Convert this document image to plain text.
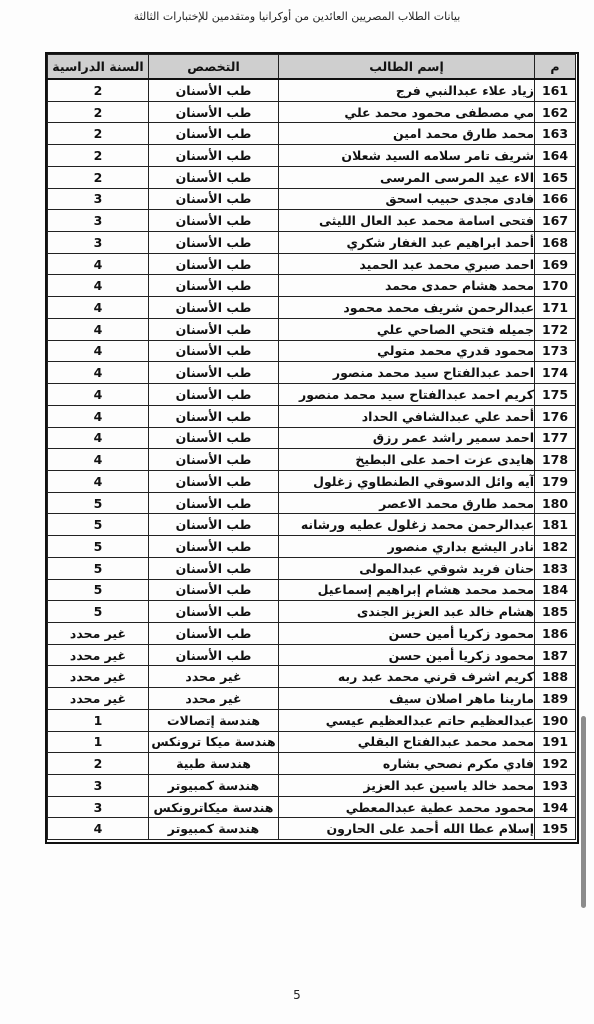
بيانات الطلاب المصريين العائدين من أوكرانيا ومتقدمين للإختبارات الثالثة
م	إسم الطالب	التخصص	السنة الدراسية
161	زياد علاء عبدالنبي فرج	طب الأسنان	2
162	مي مصطفى محمود محمد علي	طب الأسنان	2
163	محمد طارق محمد امين	طب الأسنان	2
164	شريف تامر سلامه السيد شعلان	طب الأسنان	2
165	الاء عيد المرسى المرسى	طب الأسنان	2
166	فادى مجدى حبيب اسحق	طب الأسنان	3
167	فتحى اسامة محمد عبد العال الليثى	طب الأسنان	3
168	أحمد ابراهيم عبد الغفار شكري	طب الأسنان	3
169	احمد صبري محمد عبد الحميد	طب الأسنان	4
170	محمد هشام حمدى محمد	طب الأسنان	4
171	عبدالرحمن شريف محمد محمود	طب الأسنان	4
172	جميله فتحي الصاحي علي	طب الأسنان	4
173	محمود قدري محمد متولي	طب الأسنان	4
174	احمد عبدالفتاح سيد محمد منصور	طب الأسنان	4
175	كريم احمد عبدالفتاح سيد محمد منصور	طب الأسنان	4
176	أحمد علي عبدالشافي الحداد	طب الأسنان	4
177	احمد سمير راشد عمر رزق	طب الأسنان	4
178	هايدى عزت احمد على البطيخ	طب الأسنان	4
179	آيه وائل الدسوقي الطنطاوي زغلول	طب الأسنان	4
180	محمد طارق محمد الاعصر	طب الأسنان	5
181	عبدالرحمن محمد زغلول عطيه ورشانه	طب الأسنان	5
182	نادر اليشع بداري منصور	طب الأسنان	5
183	حنان فريد شوقي عبدالمولى	طب الأسنان	5
184	محمد محمد هشام إبراهيم إسماعيل	طب الأسنان	5
185	هشام خالد عبد العزيز الجندى	طب الأسنان	5
186	محمود زكريا أمين حسن	طب الأسنان	غير محدد
187	محمود زكريا أمين حسن	طب الأسنان	غير محدد
188	كريم اشرف قرني محمد عبد ربه	غير محدد	غير محدد
189	مارينا ماهر اصلان سيف	غير محدد	غير محدد
190	عبدالعظيم حاتم عبدالعظيم عيسي	هندسة إتصالات	1
191	محمد محمد عبدالفتاح البقلي	هندسة ميكا ترونكس	1
192	فادي مكرم نصحي بشاره	هندسة طبية	2
193	محمد خالد ياسين عبد العزيز	هندسة كمبيوتر	3
194	محمود محمد عطية عبدالمعطي	هندسة ميكاترونكس	3
195	إسلام عطا الله أحمد على الحارون	هندسة كمبيوتر	4
5
